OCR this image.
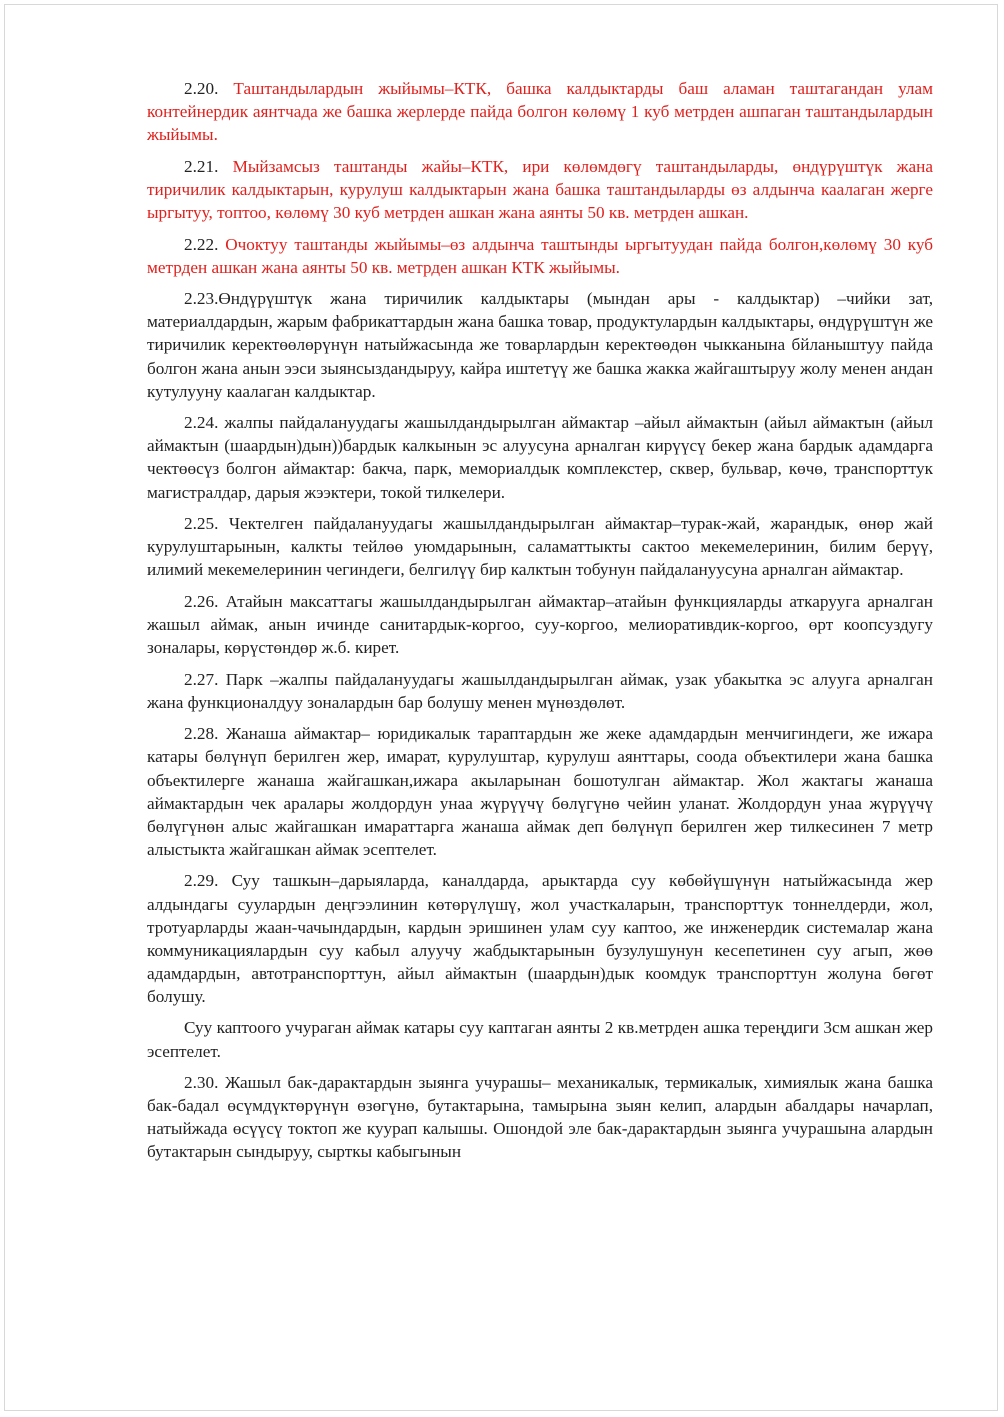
2.20. Таштандылардын жыйымы–КТК, башка калдыктарды баш аламан таштагандан улам контейнердик аянтчада же башка жерлерде пайда болгон көлөмү 1 куб метрден ашпаган таштандылардын жыйымы.

2.21. Мыйзамсыз таштанды жайы–КТК, ири көлөмдөгү таштандыларды, өндүрүштүк жана тиричилик калдыктарын, курулуш калдыктарын жана башка таштандыларды өз алдынча каалаган жерге ыргытуу, топтоо, көлөмү 30 куб метрден ашкан жана аянты 50 кв. метрден ашкан.

2.22. Очоктуу таштанды жыйымы–өз алдынча таштынды ыргытуудан пайда болгон,көлөмү 30 куб метрден ашкан жана аянты 50 кв. метрден ашкан КТК жыйымы.

2.23.Өндүрүштүк жана тиричилик калдыктары (мындан ары - калдыктар) –чийки зат, материалдардын, жарым фабрикаттардын жана башка товар, продуктулардын калдыктары, өндүрүштүн же тиричилик керектөөлөрүнүн натыйжасында же товарлардын керектөөдөн чыкканына бйланыштуу пайда болгон жана анын ээси зыянсыздандыруу, кайра иштетүү же башка жакка жайгаштыруу жолу менен андан кутулууну каалаган калдыктар.

2.24. жалпы пайдалануудагы жашылдандырылган аймактар –айыл аймактын (айыл аймактын (айыл аймактын (шаардын)дын))бардык калкынын эс алуусуна арналган кирүүсү бекер жана бардык адамдарга чектөөсүз болгон аймактар: бакча, парк, мемориалдык комплекстер, сквер, бульвар, көчө, транспорттук магистралдар, дарыя жээктери, токой тилкелери.

2.25. Чектелген пайдалануудагы жашылдандырылган аймактар–турак-жай, жарандык, өнөр жай курулуштарынын, калкты тейлөө уюмдарынын, саламаттыкты сактоо мекемелеринин, билим берүү, илимий мекемелеринин чегиндеги, белгилүү бир калктын тобунун пайдалануусуна арналган аймактар.

2.26. Атайын максаттагы жашылдандырылган аймактар–атайын функцияларды аткарууга арналган жашыл аймак, анын ичинде санитардык-коргоо, суу-коргоо, мелиоративдик-коргоо, өрт коопсуздугу зоналары, көрүстөндөр ж.б. кирет.

2.27. Парк –жалпы пайдалануудагы жашылдандырылган аймак, узак убакытка эс алууга арналган жана функционалдуу зоналардын бар болушу менен мүнөздөлөт.

2.28. Жанаша аймактар– юридикалык тараптардын же жеке адамдардын менчигиндеги, же ижара катары бөлүнүп берилген жер, имарат, курулуштар, курулуш аянттары, соода объектилери жана башка объектилерге жанаша жайгашкан,ижара акыларынан бошотулган аймактар. Жол жактагы жанаша аймактардын чек аралары жолдордун унаа жүрүүчү бөлүгүнө чейин уланат. Жолдордун унаа жүрүүчү бөлүгүнөн алыс жайгашкан имараттарга жанаша аймак деп бөлүнүп берилген жер тилкесинен 7 метр алыстыкта жайгашкан аймак эсептелет.

2.29. Суу ташкын–дарыяларда, каналдарда, арыктарда суу көбөйүшүнүн натыйжасында жер алдындагы суулардын деңгээлинин көтөрүлүшү, жол участкаларын, транспорттук тоннелдерди, жол, тротуарларды жаан-чачындардын, кардын эришинен улам суу каптоо, же инженердик системалар жана коммуникациялардын суу кабыл алуучу жабдыктарынын бузулушунун кесепетинен суу агып, жөө адамдардын, автотранспорттун, айыл аймактын (шаардын)дык коомдук транспорттун жолуна бөгөт болушу.

Суу каптоого учураган аймак катары суу каптаган аянты 2 кв.метрден ашка тереңдиги 3см ашкан жер эсептелет.

2.30. Жашыл бак-дарактардын зыянга учурашы– механикалык, термикалык, химиялык жана башка бак-бадал өсүмдүктөрүнүн өзөгүнө, бутактарына, тамырына зыян келип, алардын абалдары начарлап, натыйжада өсүүсү токтоп же куурап калышы. Ошондой эле бак-дарактардын зыянга учурашына алардын бутактарын сындыруу, сырткы кабыгынын
